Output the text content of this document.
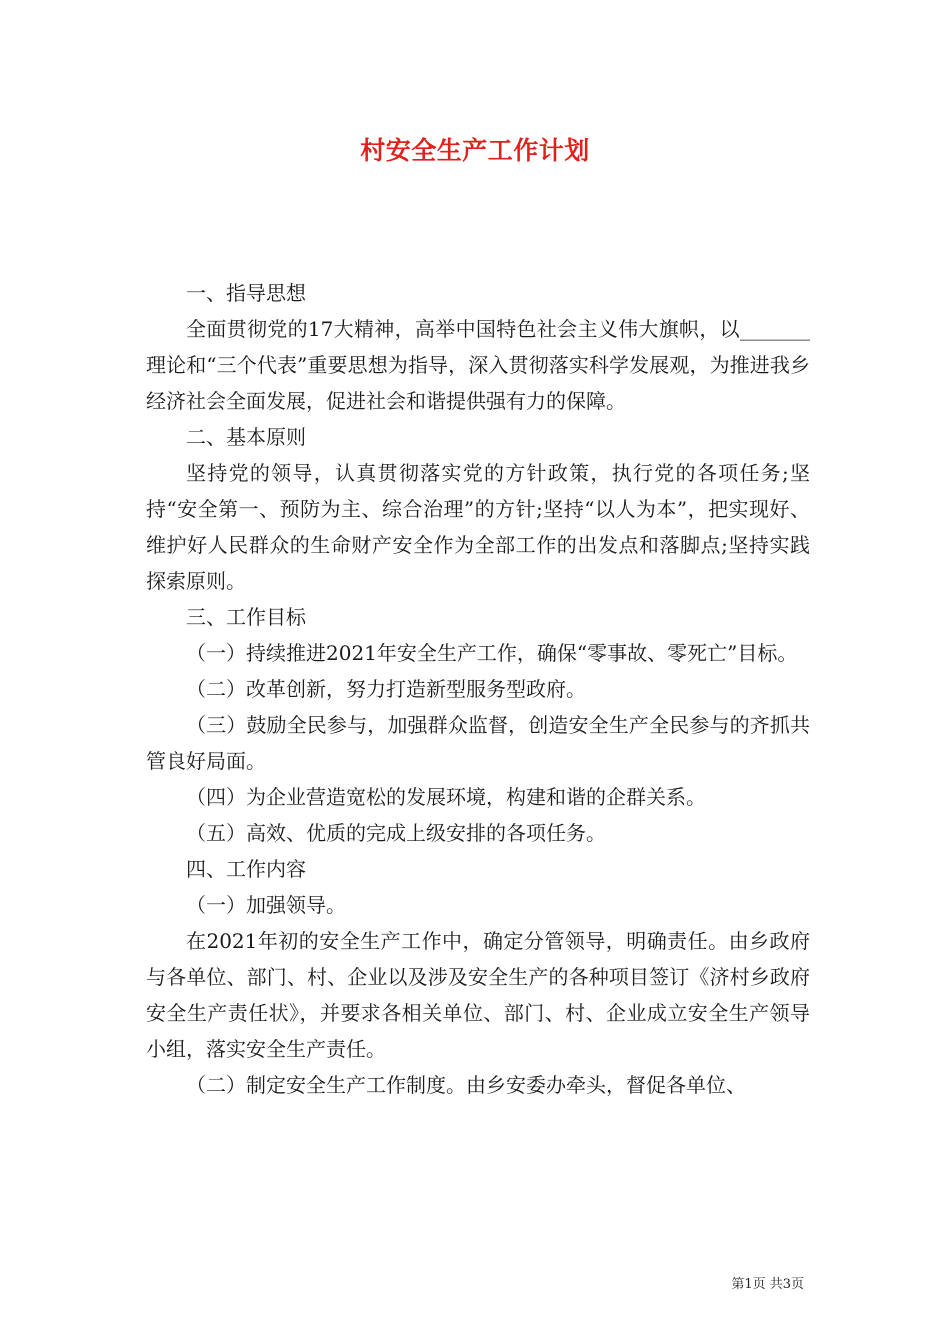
村安全生产工作计划

一、指导思想

全面贯彻党的17大精神，高举中国特色社会主义伟大旗帜，以_______理论和“三个代表”重要思想为指导，深入贯彻落实科学发展观，为推进我乡经济社会全面发展，促进社会和谐提供强有力的保障。

二、基本原则

坚持党的领导，认真贯彻落实党的方针政策，执行党的各项任务;坚持“安全第一、预防为主、综合治理”的方针;坚持“以人为本”，把实现好、维护好人民群众的生命财产安全作为全部工作的出发点和落脚点;坚持实践探索原则。

三、工作目标

（一）持续推进2021年安全生产工作，确保“零事故、零死亡”目标。

（二）改革创新，努力打造新型服务型政府。

（三）鼓励全民参与，加强群众监督，创造安全生产全民参与的齐抓共管良好局面。

（四）为企业营造宽松的发展环境，构建和谐的企群关系。

（五）高效、优质的完成上级安排的各项任务。

四、工作内容

（一）加强领导。

在2021年初的安全生产工作中，确定分管领导，明确责任。由乡政府与各单位、部门、村、企业以及涉及安全生产的各种项目签订《济村乡政府安全生产责任状》，并要求各相关单位、部门、村、企业成立安全生产领导小组，落实安全生产责任。

（二）制定安全生产工作制度。由乡安委办牵头，督促各单位、

第1页 共3页
